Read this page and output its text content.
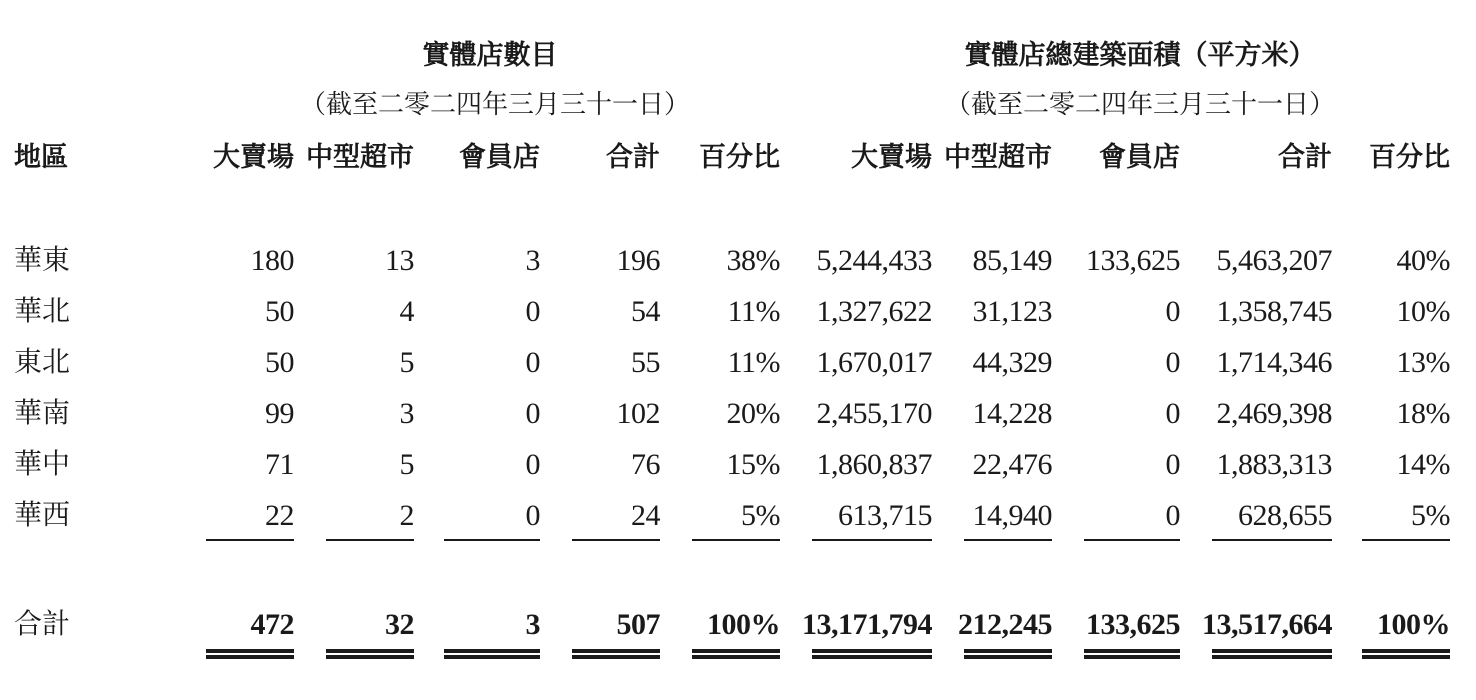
實體店數目
（截至二零二四年三月三十一日）
實體店總建築面積（平方米）
（截至二零二四年三月三十一日）
地區	大賣場 中型超市	會員店	合計	百分比	大賣場 中型超市	會員店	合計	百分比
華東	180	13	3	196	38%	5,244,433	85,149	133,625	5,463,207	40%
華北	50	4	0	54	11%	1,327,622	31,123	0	1,358,745	10%
東北	50	5	0	55	11%	1,670,017	44,329	0	1,714,346	13%
華南	99	3	0	102	20%	2,455,170	14,228	0	2,469,398	18%
華中	71	5	0	76	15%	1,860,837	22,476	0	1,883,313	14%
華西	22	2	0	24	5%	613,715	14,940	0	628,655	5%
合計	472	32	3	507	100% 13,171,794 212,245	133,625 13,517,664	100%
